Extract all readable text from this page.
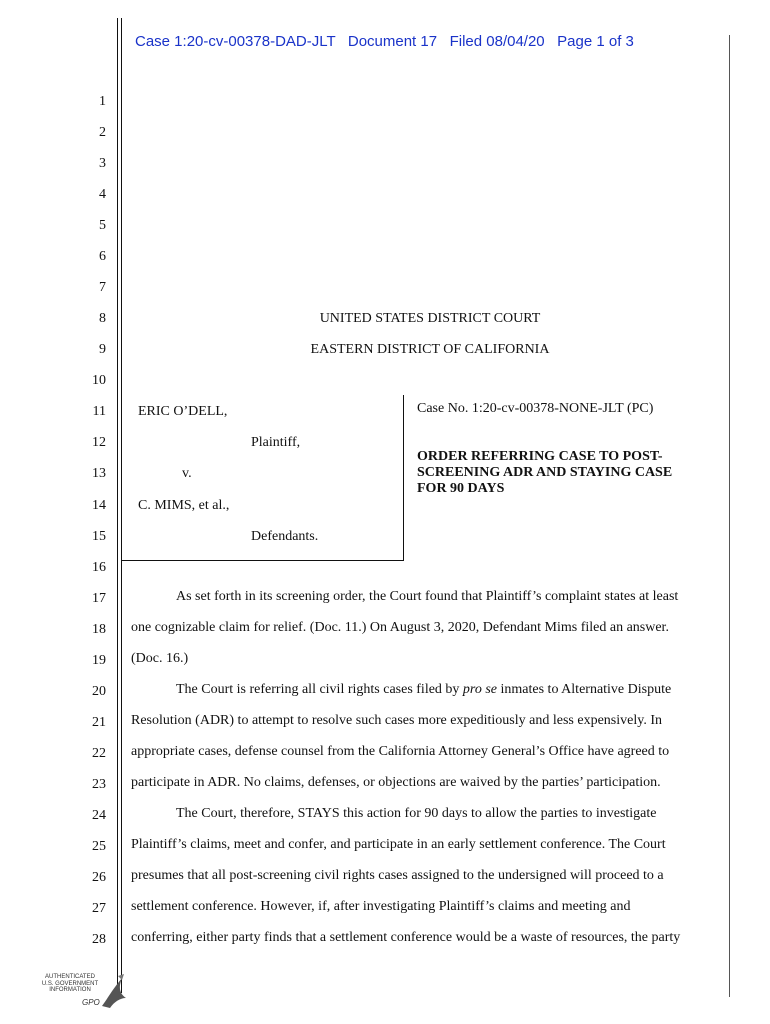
Case 1:20-cv-00378-DAD-JLT   Document 17   Filed 08/04/20   Page 1 of 3
1
2
3
4
5
6
7
8
9
10
11
12
13
14
15
16
17
18
19
20
21
22
23
24
25
26
27
28
UNITED STATES DISTRICT COURT
EASTERN DISTRICT OF CALIFORNIA
ERIC O’DELL,
Plaintiff,
v.
C. MIMS, et al.,
Defendants.
Case No. 1:20-cv-00378-NONE-JLT (PC)
ORDER REFERRING CASE TO POST-
SCREENING ADR AND STAYING CASE
FOR 90 DAYS
As set forth in its screening order, the Court found that Plaintiff’s complaint states at least
one cognizable claim for relief. (Doc. 11.) On August 3, 2020, Defendant Mims filed an answer.
(Doc. 16.)
The Court is referring all civil rights cases filed by pro se inmates to Alternative Dispute
Resolution (ADR) to attempt to resolve such cases more expeditiously and less expensively. In
appropriate cases, defense counsel from the California Attorney General’s Office have agreed to
participate in ADR. No claims, defenses, or objections are waived by the parties’ participation.
The Court, therefore, STAYS this action for 90 days to allow the parties to investigate
Plaintiff’s claims, meet and confer, and participate in an early settlement conference. The Court
presumes that all post-screening civil rights cases assigned to the undersigned will proceed to a
settlement conference. However, if, after investigating Plaintiff’s claims and meeting and
conferring, either party finds that a settlement conference would be a waste of resources, the party
AUTHENTICATED
U.S. GOVERNMENT
INFORMATION
GPO
